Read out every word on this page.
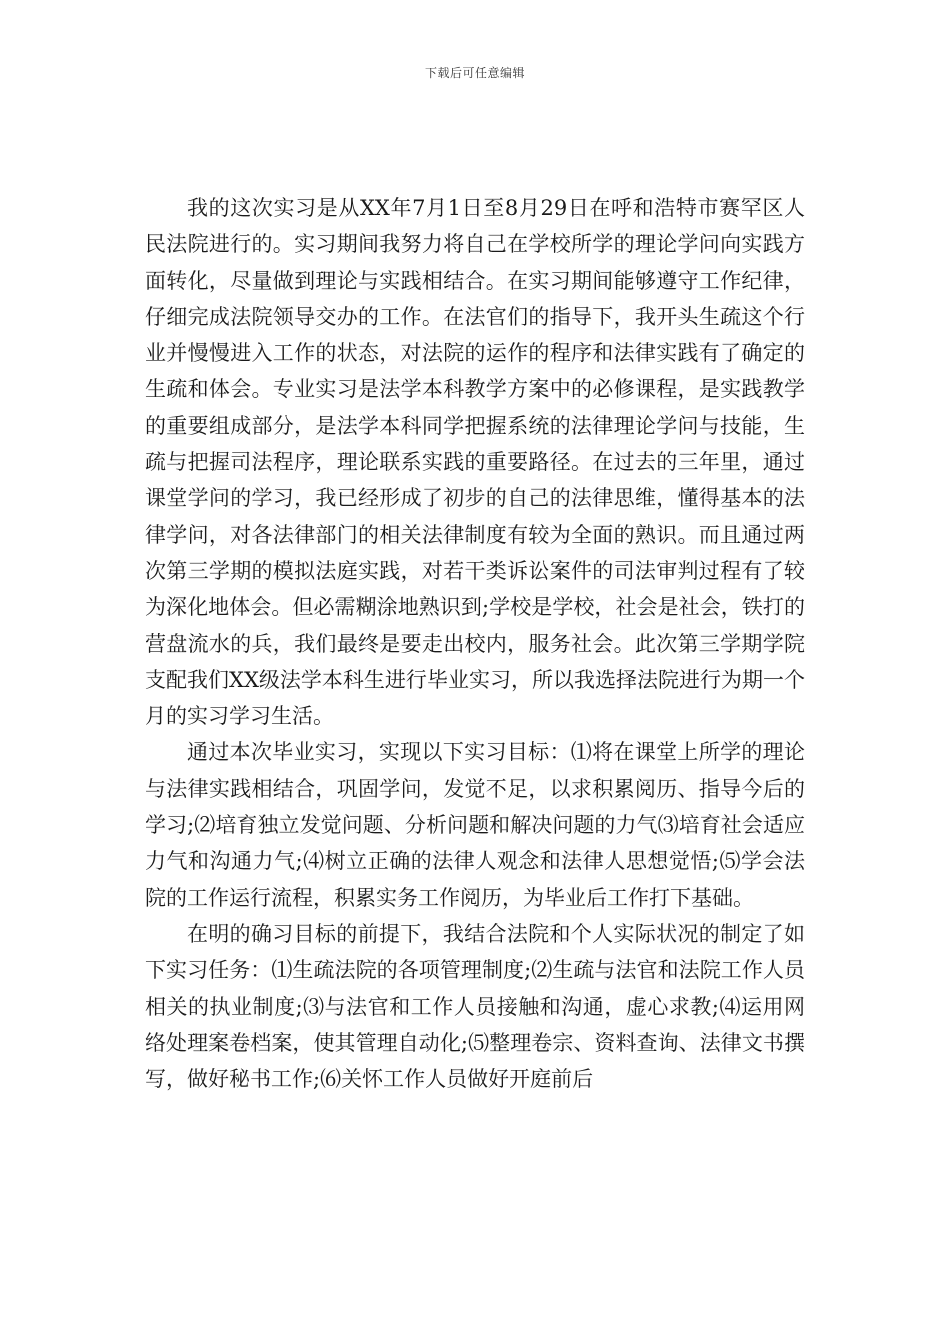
下载后可任意编辑

我的这次实习是从XX年7月1日至8月29日在呼和浩特市赛罕区人民法院进行的。实习期间我努力将自己在学校所学的理论学问向实践方面转化，尽量做到理论与实践相结合。在实习期间能够遵守工作纪律，仔细完成法院领导交办的工作。在法官们的指导下，我开头生疏这个行业并慢慢进入工作的状态，对法院的运作的程序和法律实践有了确定的生疏和体会。专业实习是法学本科教学方案中的必修课程，是实践教学的重要组成部分，是法学本科同学把握系统的法律理论学问与技能，生疏与把握司法程序，理论联系实践的重要路径。在过去的三年里，通过课堂学问的学习，我已经形成了初步的自己的法律思维，懂得基本的法律学问，对各法律部门的相关法律制度有较为全面的熟识。而且通过两次第三学期的模拟法庭实践，对若干类诉讼案件的司法审判过程有了较为深化地体会。但必需糊涂地熟识到;学校是学校，社会是社会，铁打的营盘流水的兵，我们最终是要走出校内，服务社会。此次第三学期学院支配我们XX级法学本科生进行毕业实习，所以我选择法院进行为期一个月的实习学习生活。

通过本次毕业实习，实现以下实习目标：⑴将在课堂上所学的理论与法律实践相结合，巩固学问，发觉不足，以求积累阅历、指导今后的学习;⑵培育独立发觉问题、分析问题和解决问题的力气⑶培育社会适应力气和沟通力气;⑷树立正确的法律人观念和法律人思想觉悟;⑸学会法院的工作运行流程，积累实务工作阅历，为毕业后工作打下基础。

在明的确习目标的前提下，我结合法院和个人实际状况的制定了如下实习任务：⑴生疏法院的各项管理制度;⑵生疏与法官和法院工作人员相关的执业制度;⑶与法官和工作人员接触和沟通，虚心求教;⑷运用网络处理案卷档案，使其管理自动化;⑸整理卷宗、资料查询、法律文书撰写，做好秘书工作;⑹关怀工作人员做好开庭前后
